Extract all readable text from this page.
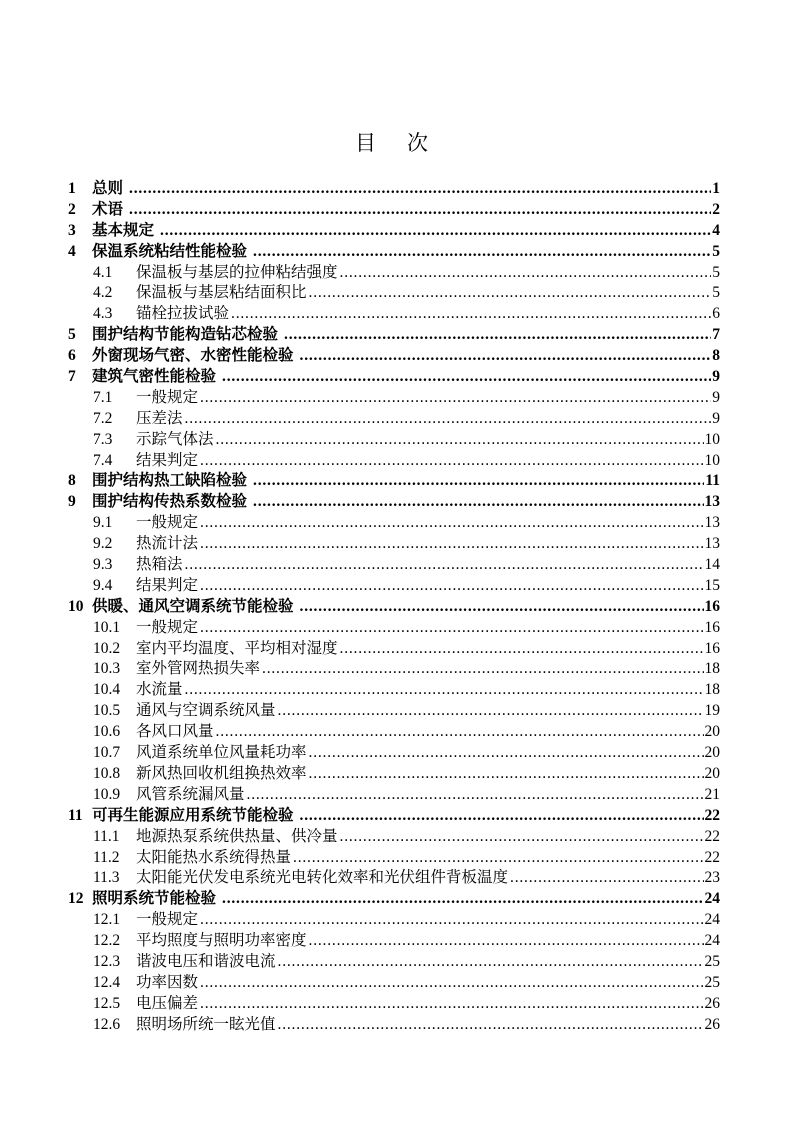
目　次
1	总则 .....	1
2	术语 .....	2
3	基本规定 .....	4
4	保温系统粘结性能检验 .....	5
4.1	保温板与基层的拉伸粘结强度 .....	5
4.2	保温板与基层粘结面积比 .....	5
4.3	锚栓拉拔试验 .....	6
5	围护结构节能构造钻芯检验 .....	7
6	外窗现场气密、水密性能检验 .....	8
7	建筑气密性能检验 .....	9
7.1	一般规定 .....	9
7.2	压差法 .....	9
7.3	示踪气体法 .....	10
7.4	结果判定 .....	10
8	围护结构热工缺陷检验 .....	11
9	围护结构传热系数检验 .....	13
9.1	一般规定 .....	13
9.2	热流计法 .....	13
9.3	热箱法 .....	14
9.4	结果判定 .....	15
10 供暖、通风空调系统节能检验 .....	16
10.1	一般规定 .....	16
10.2	室内平均温度、平均相对湿度 .....	16
10.3	室外管网热损失率 .....	18
10.4	水流量 .....	18
10.5	通风与空调系统风量 .....	19
10.6	各风口风量 .....	20
10.7	风道系统单位风量耗功率 .....	20
10.8	新风热回收机组换热效率 .....	20
10.9	风管系统漏风量 .....	21
11 可再生能源应用系统节能检验 .....	22
11.1	地源热泵系统供热量、供冷量 .....	22
11.2	太阳能热水系统得热量 .....	22
11.3	太阳能光伏发电系统光电转化效率和光伏组件背板温度 .....	23
12 照明系统节能检验 .....	24
12.1	一般规定 .....	24
12.2	平均照度与照明功率密度 .....	24
12.3	谐波电压和谐波电流 .....	25
12.4	功率因数 .....	25
12.5	电压偏差 .....	26
12.6	照明场所统一眩光值 .....	26
